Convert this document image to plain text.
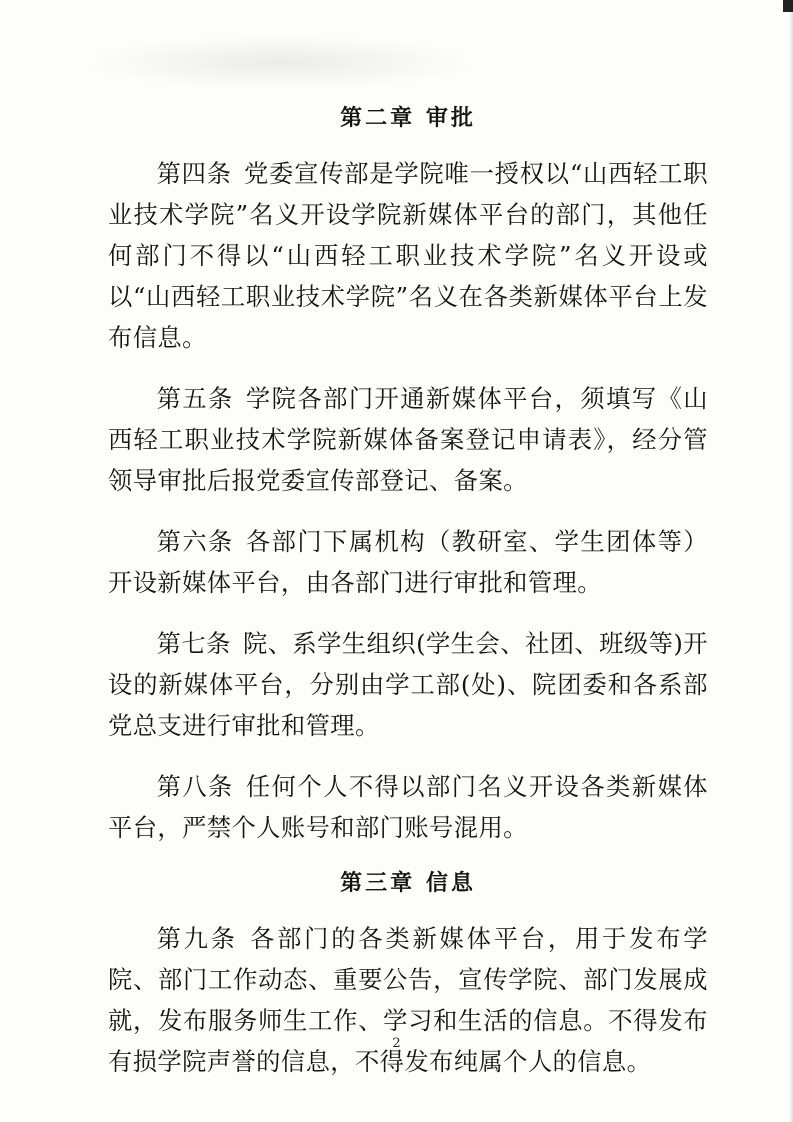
第二章 审批

第四条 党委宣传部是学院唯一授权以“山西轻工职业技术学院”名义开设学院新媒体平台的部门，其他任何部门不得以“山西轻工职业技术学院”名义开设或以“山西轻工职业技术学院”名义在各类新媒体平台上发布信息。

第五条 学院各部门开通新媒体平台，须填写《山西轻工职业技术学院新媒体备案登记申请表》，经分管领导审批后报党委宣传部登记、备案。

第六条 各部门下属机构（教研室、学生团体等）开设新媒体平台，由各部门进行审批和管理。

第七条 院、系学生组织(学生会、社团、班级等)开设的新媒体平台，分别由学工部(处)、院团委和各系部党总支进行审批和管理。

第八条 任何个人不得以部门名义开设各类新媒体平台，严禁个人账号和部门账号混用。

第三章 信息

第九条 各部门的各类新媒体平台，用于发布学院、部门工作动态、重要公告，宣传学院、部门发展成就，发布服务师生工作、学习和生活的信息。不得发布有损学院声誉的信息，不得发布纯属个人的信息。

2
